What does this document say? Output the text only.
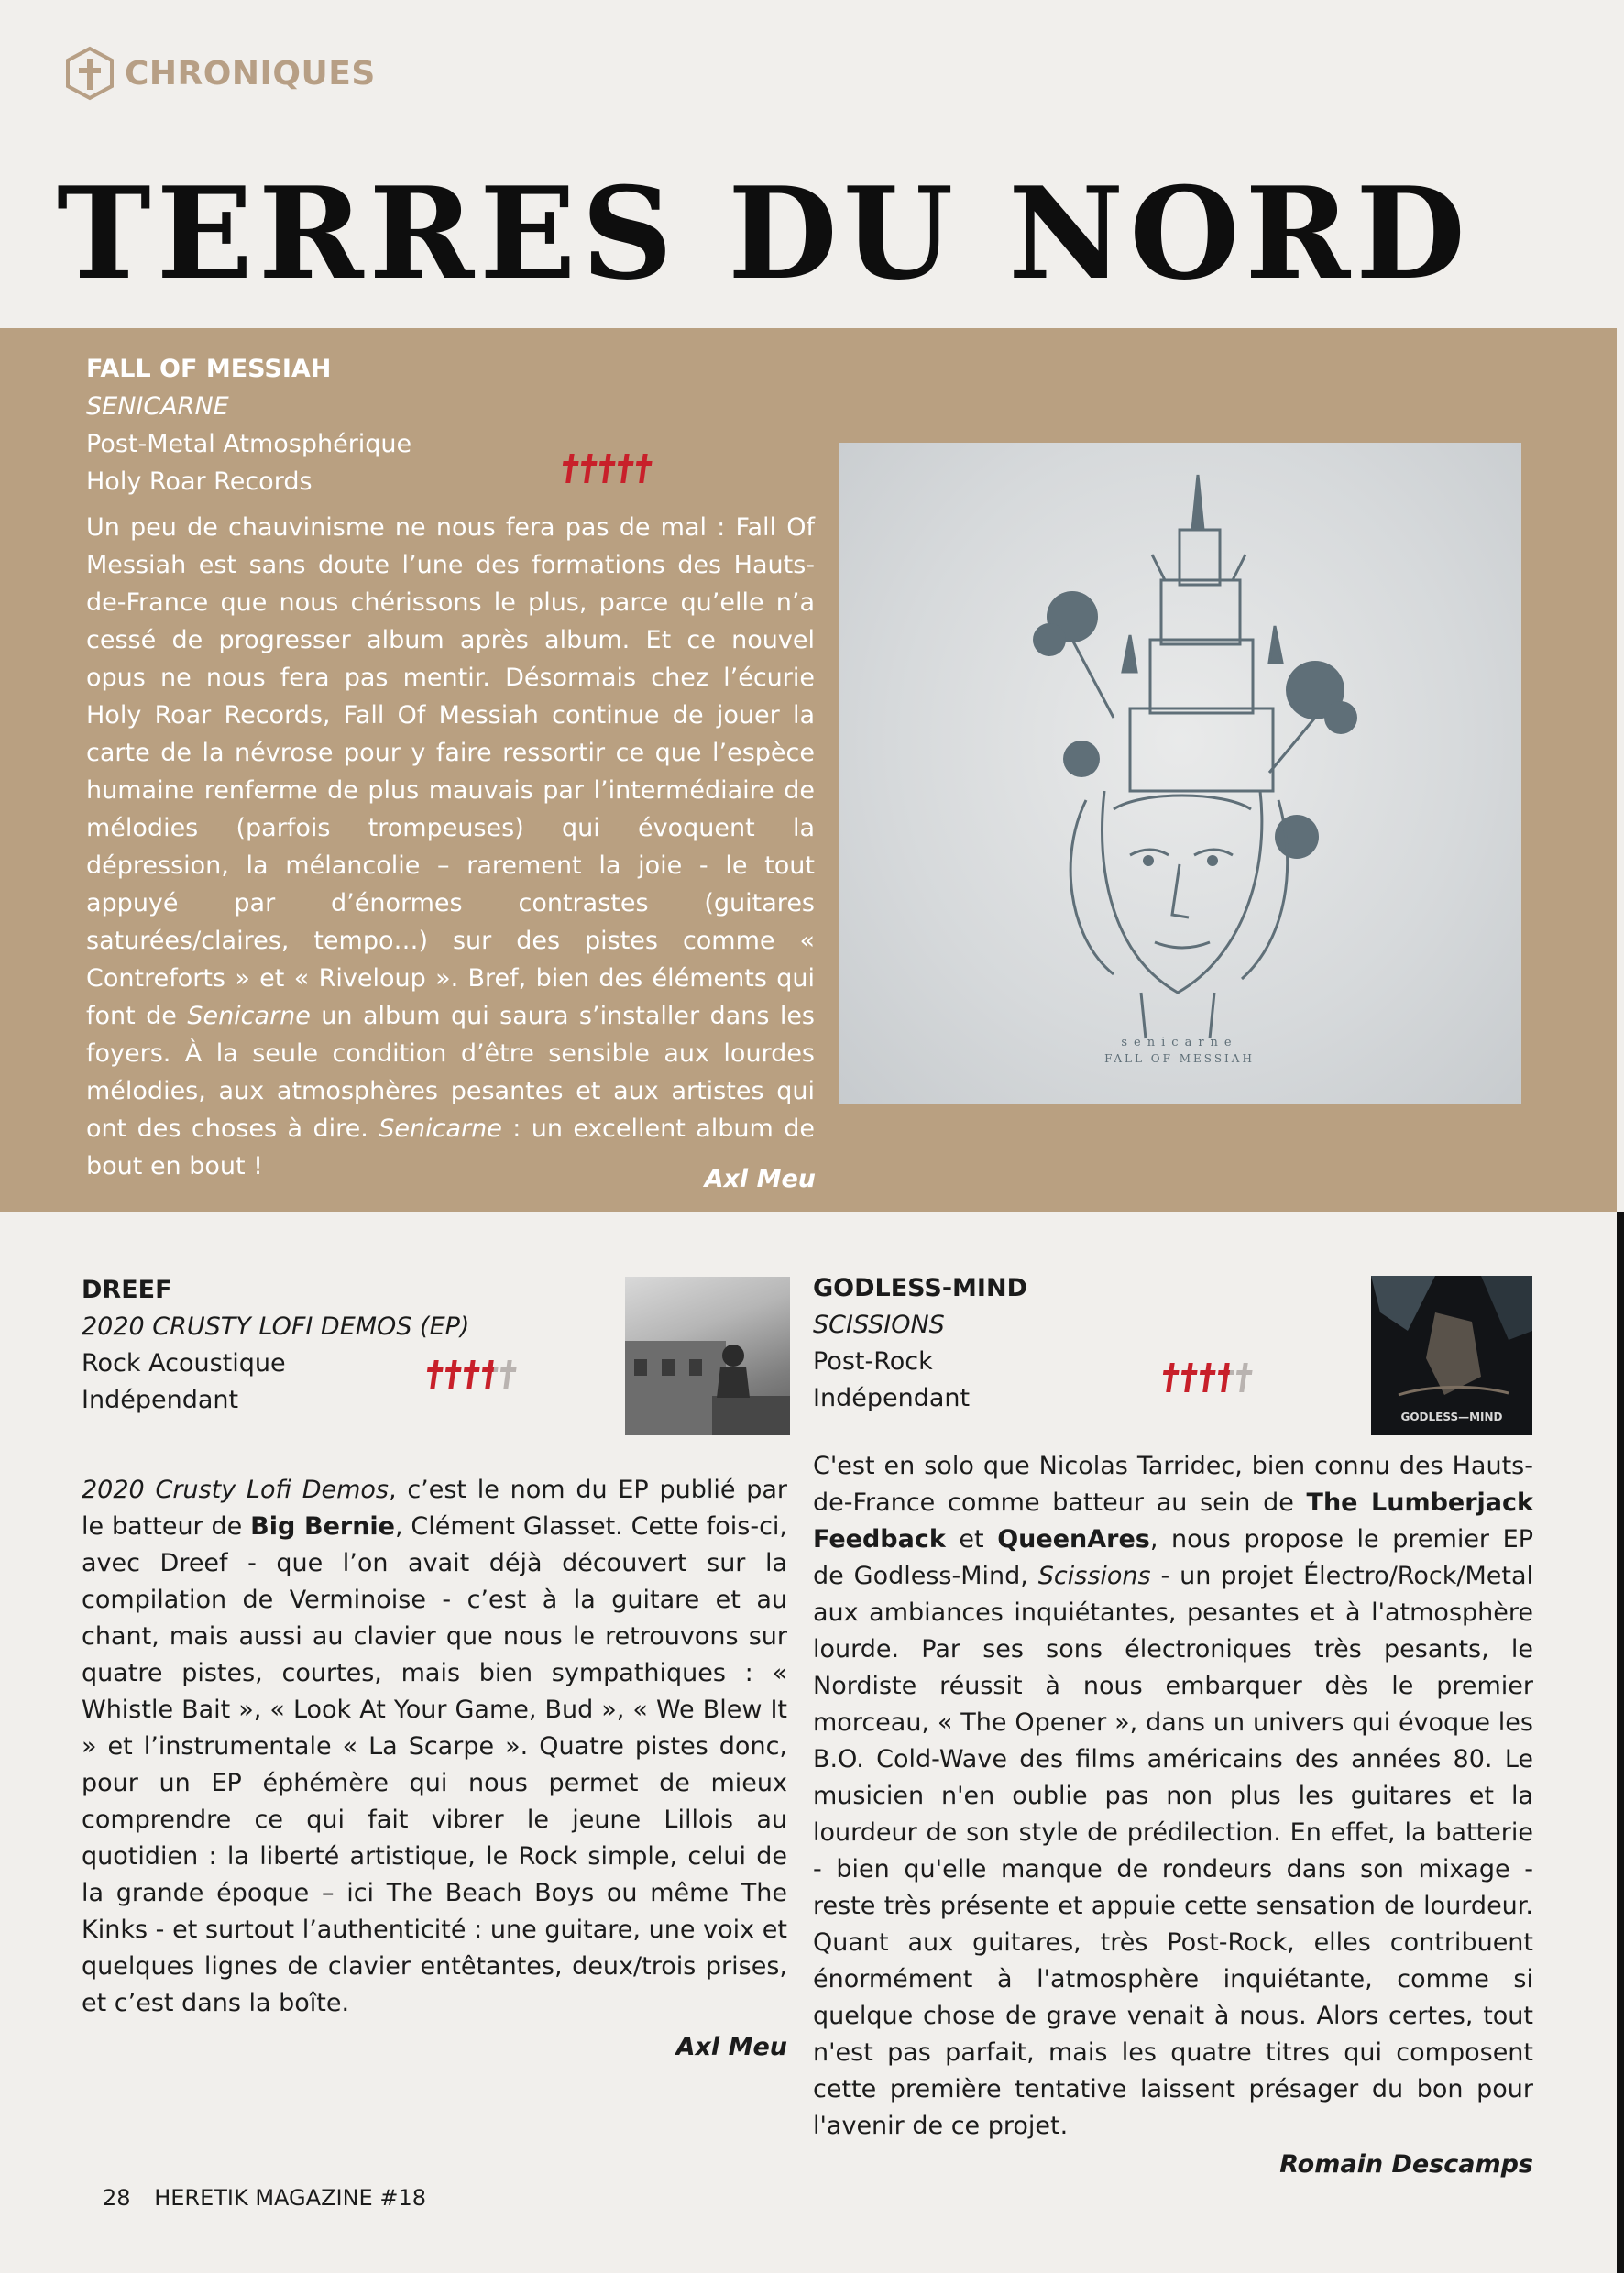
CHRONIQUES
TERRES DU NORD
FALL OF MESSIAH
SENICARNE
Post-Metal Atmosphérique
Holy Roar Records

Un peu de chauvinisme ne nous fera pas de mal : Fall Of Messiah est sans doute l’une des formations des Hauts-de-France que nous chérissons le plus, parce qu’elle n’a cessé de progresser album après album. Et ce nouvel opus ne nous fera pas mentir. Désormais chez l’écurie Holy Roar Records, Fall Of Messiah continue de jouer la carte de la névrose pour y faire ressortir ce que l’espèce humaine renferme de plus mauvais par l’intermédiaire de mélodies (parfois trompeuses) qui évoquent la dépression, la mélancolie – rarement la joie - le tout appuyé par d’énormes contrastes (guitares saturées/claires, tempo…) sur des pistes comme « Contreforts » et « Riveloup ». Bref, bien des éléments qui font de Senicarne un album qui saura s’installer dans les foyers. À la seule condition d’être sensible aux lourdes mélodies, aux atmosphères pesantes et aux artistes qui ont des choses à dire. Senicarne : un excellent album de bout en bout !	Axl Meu
senicarne
FALL OF MESSIAH
DREEF
2020 CRUSTY LOFI DEMOS (EP)
Rock Acoustique
Indépendant

2020 Crusty Lofi Demos, c’est le nom du EP publié par le batteur de Big Bernie, Clément Glasset. Cette fois-ci, avec Dreef - que l’on avait déjà découvert sur la compilation de Verminoise - c’est à la guitare et au chant, mais aussi au clavier que nous le retrouvons sur quatre pistes, courtes, mais bien sympathiques : « Whistle Bait », « Look At Your Game, Bud », « We Blew It » et l’instrumentale « La Scarpe ». Quatre pistes donc, pour un EP éphémère qui nous permet de mieux comprendre ce qui fait vibrer le jeune Lillois au quotidien : la liberté artistique, le Rock simple, celui de la grande époque – ici The Beach Boys ou même The Kinks - et surtout l’authenticité : une guitare, une voix et quelques lignes de clavier entêtantes, deux/trois prises, et c’est dans la boîte.

Axl Meu
GODLESS-MIND
SCISSIONS
Post-Rock
Indépendant
GODLESS—MIND

C'est en solo que Nicolas Tarridec, bien connu des Hauts-de-France comme batteur au sein de The Lumberjack Feedback et QueenAres, nous propose le premier EP de Godless-Mind, Scissions - un projet Électro/Rock/Metal aux ambiances inquiétantes, pesantes et à l'atmosphère lourde. Par ses sons électroniques très pesants, le Nordiste réussit à nous embarquer dès le premier morceau, « The Opener », dans un univers qui évoque les B.O. Cold-Wave des films américains des années 80. Le musicien n'en oublie pas non plus les guitares et la lourdeur de son style de prédilection. En effet, la batterie - bien qu'elle manque de rondeurs dans son mixage - reste très présente et appuie cette sensation de lourdeur. Quant aux guitares, très Post-Rock, elles contribuent énormément à l'atmosphère inquiétante, comme si quelque chose de grave venait à nous. Alors certes, tout n'est pas parfait, mais les quatre titres qui composent cette première tentative laissent présager du bon pour l'avenir de ce projet.

Romain Descamps
28 HERETIK MAGAZINE #18
